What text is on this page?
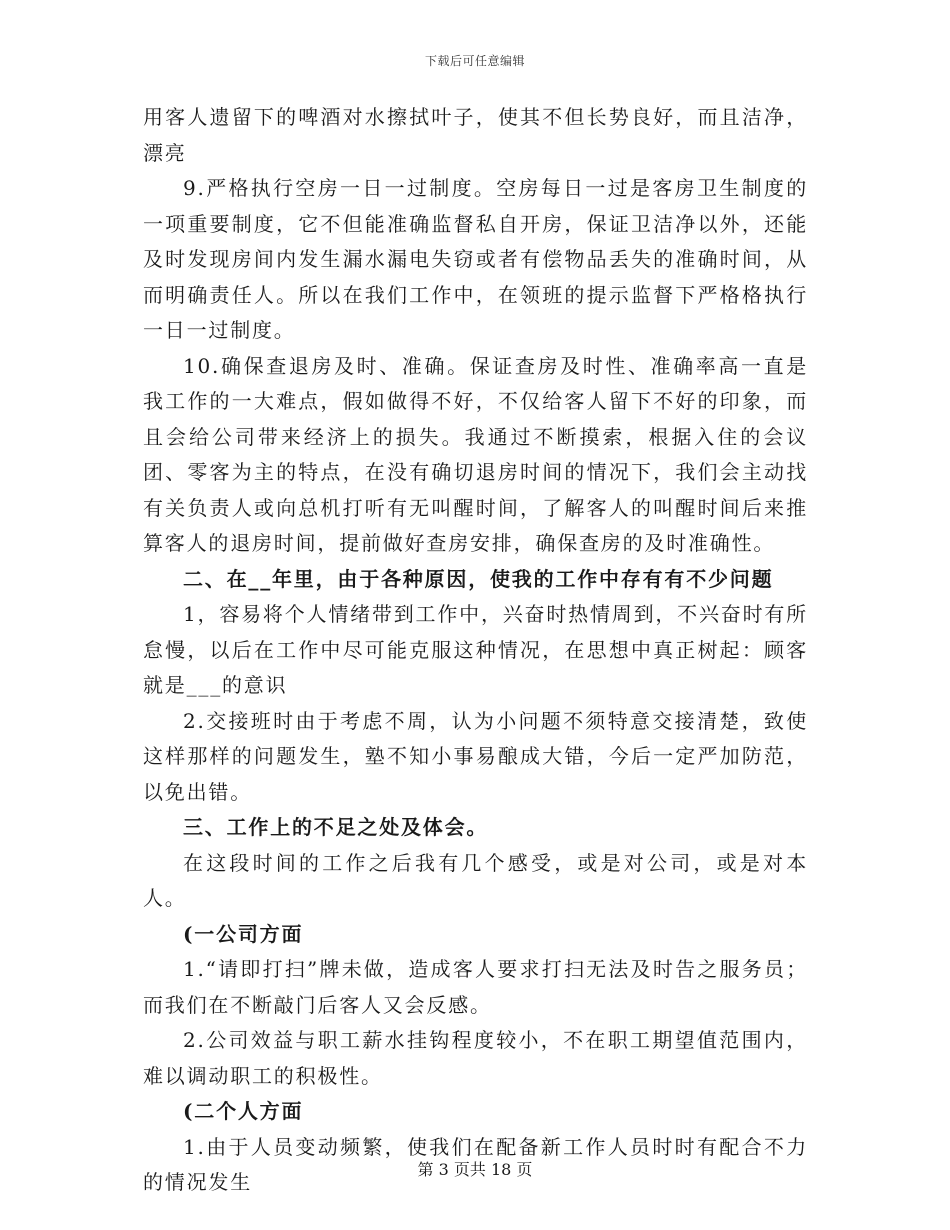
下载后可任意编辑

用客人遗留下的啤酒对水擦拭叶子，使其不但长势良好，而且洁净，漂亮

9.严格执行空房一日一过制度。空房每日一过是客房卫生制度的一项重要制度，它不但能准确监督私自开房，保证卫洁净以外，还能及时发现房间内发生漏水漏电失窃或者有偿物品丢失的准确时间，从而明确责任人。所以在我们工作中，在领班的提示监督下严格格执行一日一过制度。

10.确保查退房及时、准确。保证查房及时性、准确率高一直是我工作的一大难点，假如做得不好，不仅给客人留下不好的印象，而且会给公司带来经济上的损失。我通过不断摸索，根据入住的会议团、零客为主的特点，在没有确切退房时间的情况下，我们会主动找有关负责人或向总机打听有无叫醒时间，了解客人的叫醒时间后来推算客人的退房时间，提前做好查房安排，确保查房的及时准确性。

二、在__年里，由于各种原因，使我的工作中存有有不少问题

1，容易将个人情绪带到工作中，兴奋时热情周到，不兴奋时有所怠慢，以后在工作中尽可能克服这种情况，在思想中真正树起：顾客就是___的意识

2.交接班时由于考虑不周，认为小问题不须特意交接清楚，致使这样那样的问题发生，塾不知小事易酿成大错，今后一定严加防范，以免出错。

三、工作上的不足之处及体会。

在这段时间的工作之后我有几个感受，或是对公司，或是对本人。

(一公司方面

1.“请即打扫”牌未做，造成客人要求打扫无法及时告之服务员；而我们在不断敲门后客人又会反感。

2.公司效益与职工薪水挂钩程度较小，不在职工期望值范围内，难以调动职工的积极性。

(二个人方面

1.由于人员变动频繁，使我们在配备新工作人员时时有配合不力的情况发生

第 3 页共 18 页
